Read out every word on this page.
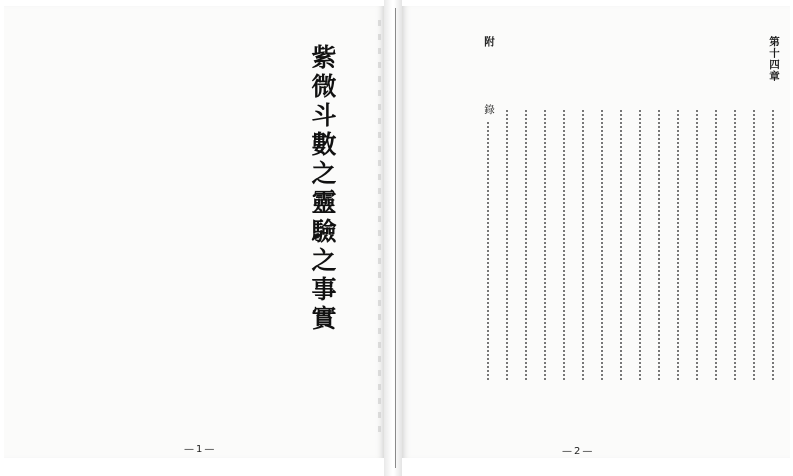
紫微斗數之靈驗之事實

—1—
第十四章
附
錄
—2—
